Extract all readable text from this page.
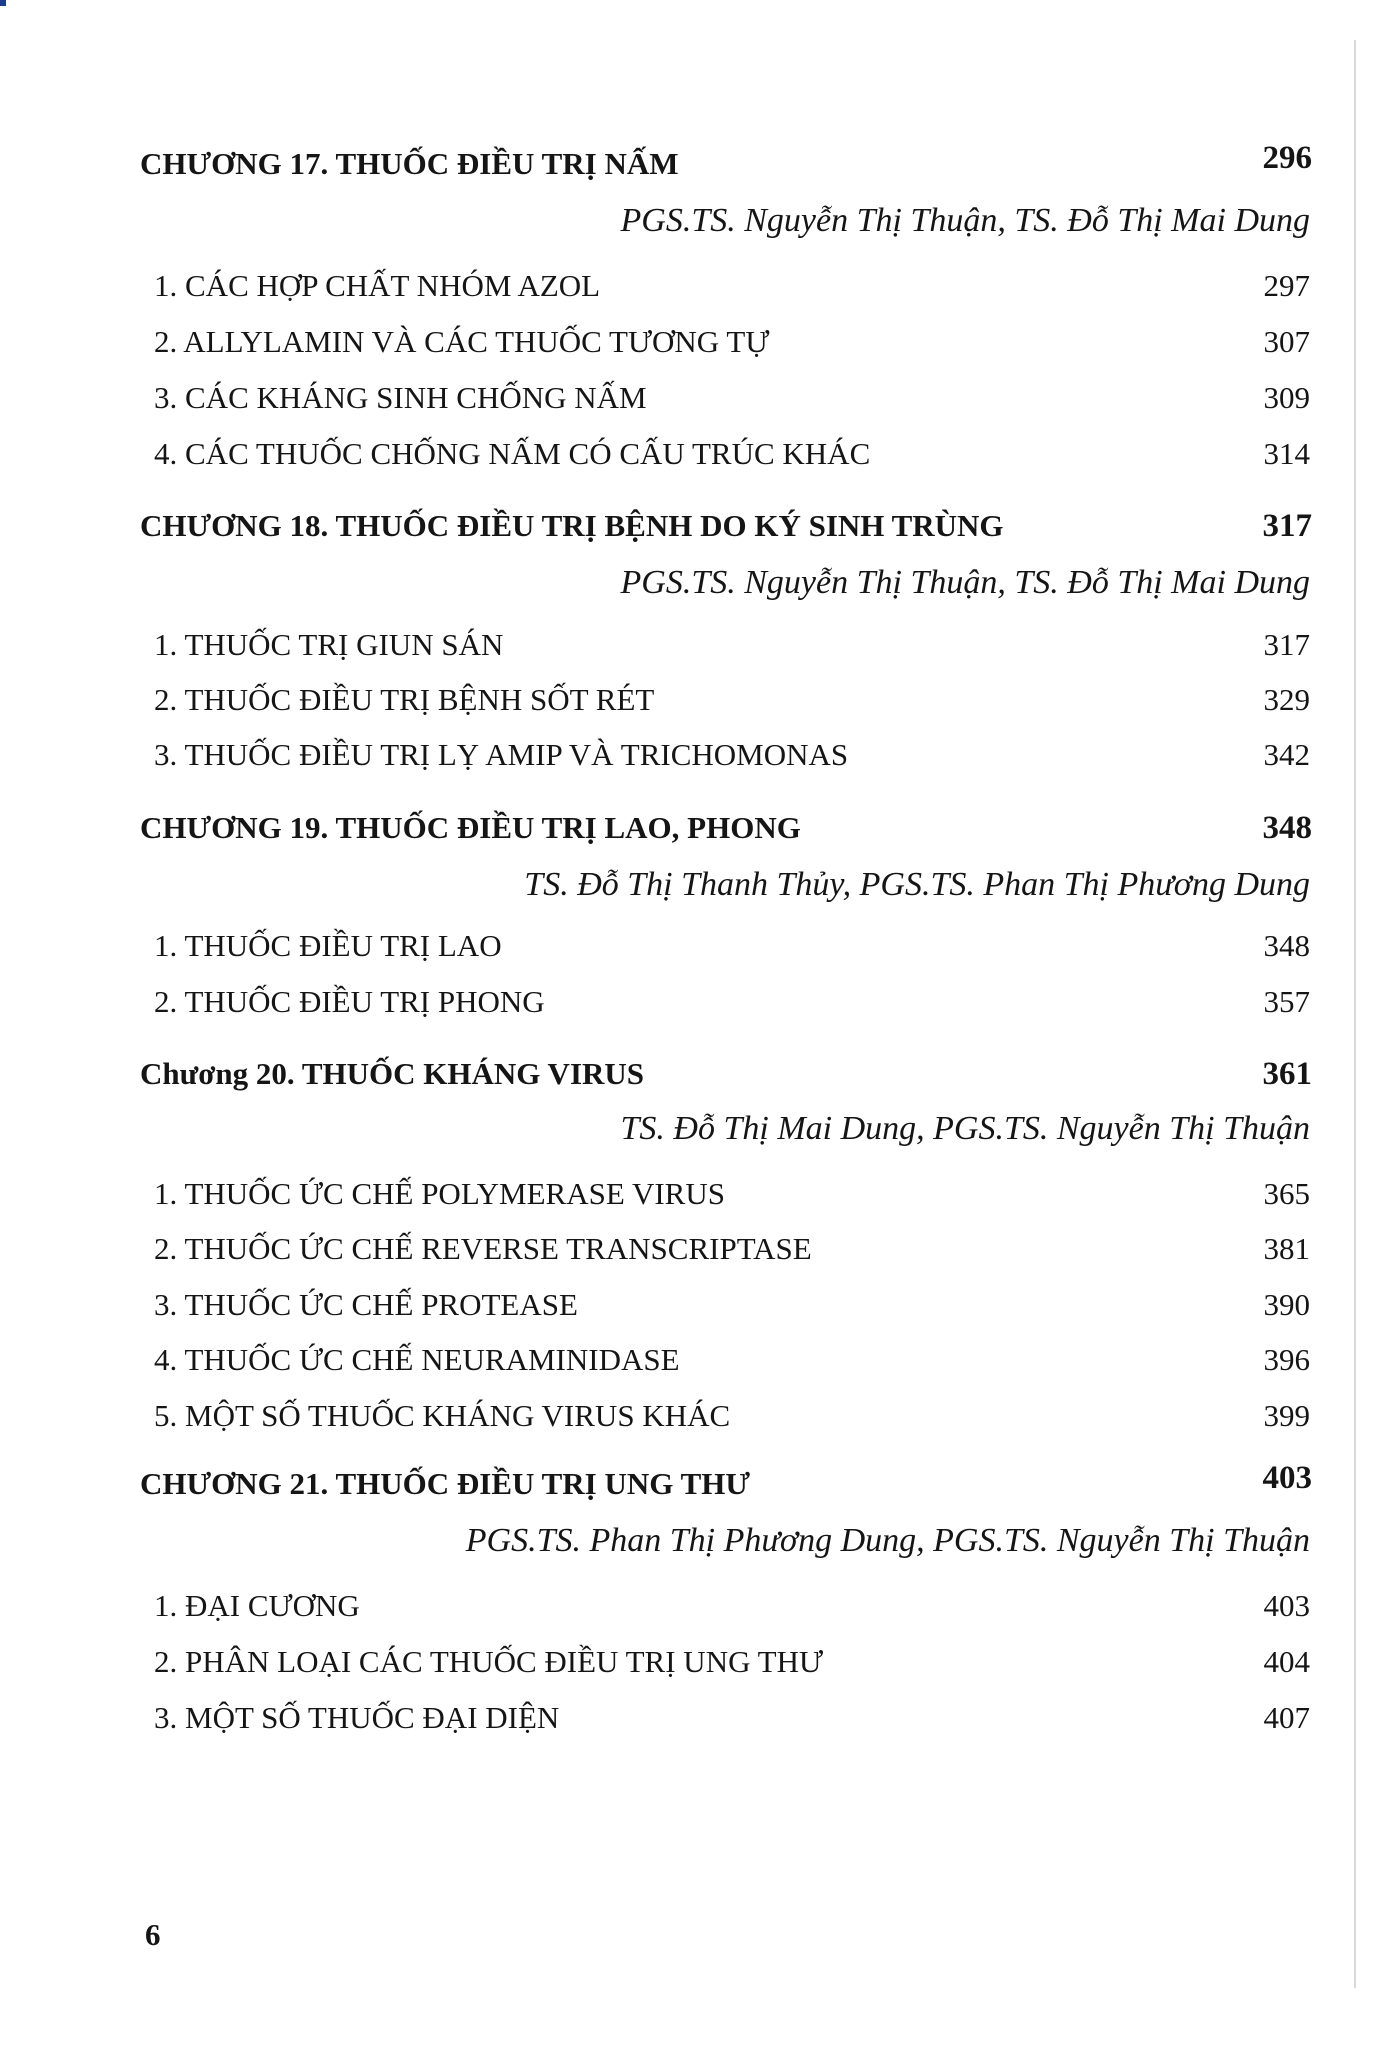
CHƯƠNG 17. THUỐC ĐIỀU TRỊ NẤM	296
PGS.TS. Nguyễn Thị Thuận, TS. Đỗ Thị Mai Dung
1. CÁC HỢP CHẤT NHÓM AZOL	297
2. ALLYLAMIN VÀ CÁC THUỐC TƯƠNG TỰ	307
3. CÁC KHÁNG SINH CHỐNG NẤM	309
4. CÁC THUỐC CHỐNG NẤM CÓ CẤU TRÚC KHÁC	314
CHƯƠNG 18. THUỐC ĐIỀU TRỊ BỆNH DO KÝ SINH TRÙNG	317
PGS.TS. Nguyễn Thị Thuận, TS. Đỗ Thị Mai Dung
1. THUỐC TRỊ GIUN SÁN	317
2. THUỐC ĐIỀU TRỊ BỆNH SỐT RÉT	329
3. THUỐC ĐIỀU TRỊ LỴ AMIP VÀ TRICHOMONAS	342
CHƯƠNG 19. THUỐC ĐIỀU TRỊ LAO, PHONG	348
TS. Đỗ Thị Thanh Thủy, PGS.TS. Phan Thị Phương Dung
1. THUỐC ĐIỀU TRỊ LAO	348
2. THUỐC ĐIỀU TRỊ PHONG	357
Chương 20. THUỐC KHÁNG VIRUS	361
TS. Đỗ Thị Mai Dung, PGS.TS. Nguyễn Thị Thuận
1. THUỐC ỨC CHẾ POLYMERASE VIRUS	365
2. THUỐC ỨC CHẾ REVERSE TRANSCRIPTASE	381
3. THUỐC ỨC CHẾ PROTEASE	390
4. THUỐC ỨC CHẾ NEURAMINIDASE	396
5. MỘT SỐ THUỐC KHÁNG VIRUS KHÁC	399
CHƯƠNG 21. THUỐC ĐIỀU TRỊ UNG THƯ	403
PGS.TS. Phan Thị Phương Dung, PGS.TS. Nguyễn Thị Thuận
1. ĐẠI CƯƠNG	403
2. PHÂN LOẠI CÁC THUỐC ĐIỀU TRỊ UNG THƯ	404
3. MỘT SỐ THUỐC ĐẠI DIỆN	407
6
